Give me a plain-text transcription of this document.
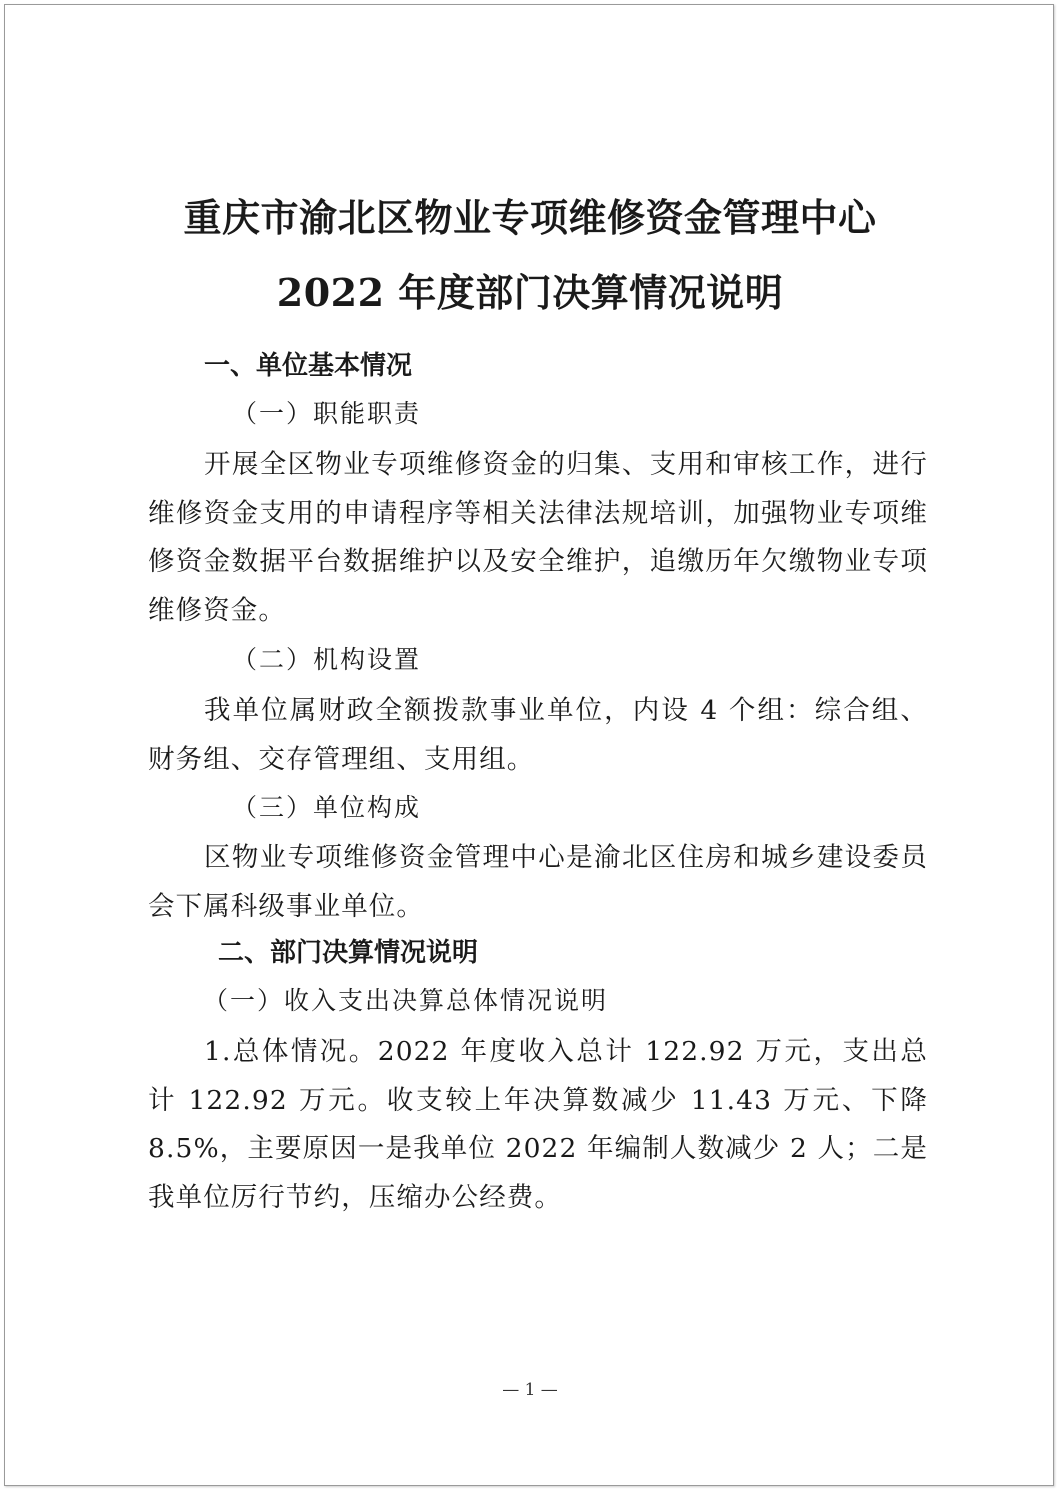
重庆市渝北区物业专项维修资金管理中心
2022 年度部门决算情况说明
一、单位基本情况
（一）职能职责

开展全区物业专项维修资金的归集、支用和审核工作，进行维修资金支用的申请程序等相关法律法规培训，加强物业专项维修资金数据平台数据维护以及安全维护，追缴历年欠缴物业专项维修资金。

（二）机构设置

我单位属财政全额拨款事业单位，内设 4 个组：综合组、财务组、交存管理组、支用组。

（三）单位构成

区物业专项维修资金管理中心是渝北区住房和城乡建设委员会下属科级事业单位。

二、部门决算情况说明
（一）收入支出决算总体情况说明

1.总体情况。2022 年度收入总计 122.92 万元，支出总计 122.92 万元。收支较上年决算数减少 11.43 万元、下降 8.5%，主要原因一是我单位 2022 年编制人数减少 2 人；二是我单位厉行节约，压缩办公经费。

— 1 —
